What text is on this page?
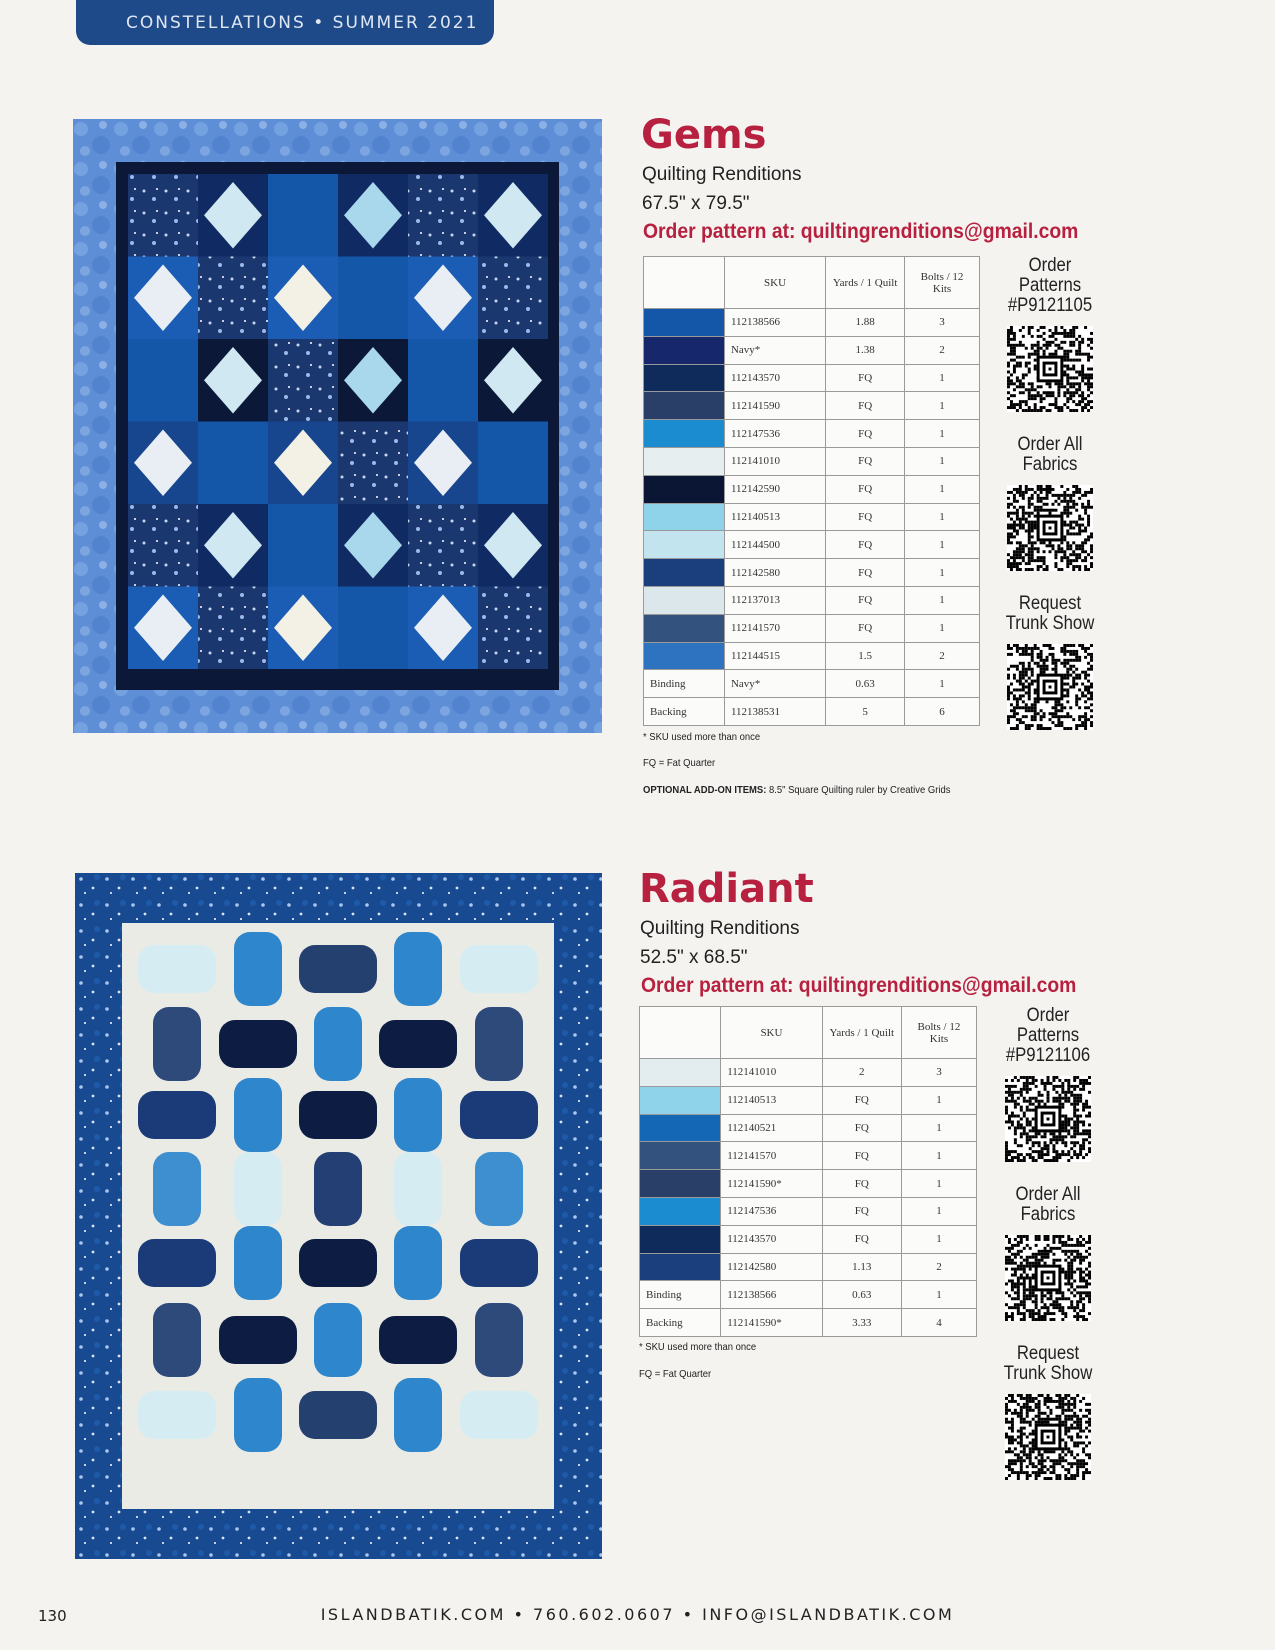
CONSTELLATIONS • SUMMER 2021
Gems
Quilting Renditions
67.5" x 79.5"
Order pattern at: quiltingrenditions@gmail.com
	SKU	Yards / 1 Quilt	Bolts / 12 Kits
	112138566	1.88	3
	Navy*	1.38	2
	112143570	FQ	1
	112141590	FQ	1
	112147536	FQ	1
	112141010	FQ	1
	112142590	FQ	1
	112140513	FQ	1
	112144500	FQ	1
	112142580	FQ	1
	112137013	FQ	1
	112141570	FQ	1
	112144515	1.5	2
Binding	Navy*	0.63	1
Backing	112138531	5	6
Order Patterns #P9121105
Order All Fabrics
Request Trunk Show
* SKU used more than once
FQ = Fat Quarter
OPTIONAL ADD-ON ITEMS: 8.5" Square Quilting ruler by Creative Grids
Radiant
Quilting Renditions
52.5" x 68.5"
Order pattern at: quiltingrenditions@gmail.com
	SKU	Yards / 1 Quilt	Bolts / 12 Kits
	112141010	2	3
	112140513	FQ	1
	112140521	FQ	1
	112141570	FQ	1
	112141590*	FQ	1
	112147536	FQ	1
	112143570	FQ	1
	112142580	1.13	2
Binding	112138566	0.63	1
Backing	112141590*	3.33	4
Order Patterns #P9121106
Order All Fabrics
Request Trunk Show
* SKU used more than once
FQ = Fat Quarter
130	ISLANDBATIK.COM • 760.602.0607 • INFO@ISLANDBATIK.COM
